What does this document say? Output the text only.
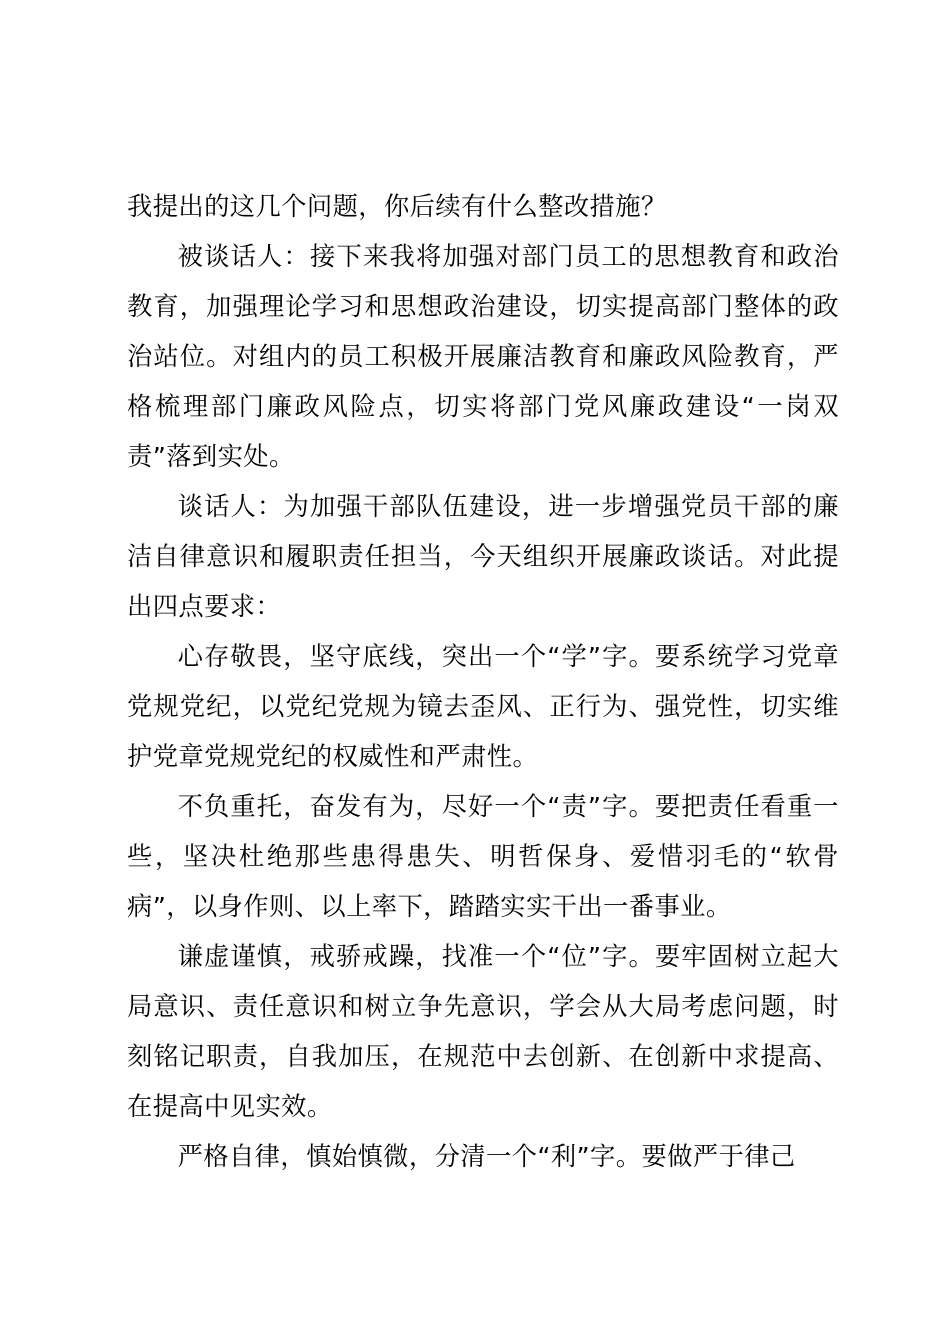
我提出的这几个问题，你后续有什么整改措施？

被谈话人：接下来我将加强对部门员工的思想教育和政治教育，加强理论学习和思想政治建设，切实提高部门整体的政治站位。对组内的员工积极开展廉洁教育和廉政风险教育，严格梳理部门廉政风险点，切实将部门党风廉政建设“一岗双责”落到实处。

谈话人：为加强干部队伍建设，进一步增强党员干部的廉洁自律意识和履职责任担当，今天组织开展廉政谈话。对此提出四点要求：

心存敬畏，坚守底线，突出一个“学”字。要系统学习党章党规党纪，以党纪党规为镜去歪风、正行为、强党性，切实维护党章党规党纪的权威性和严肃性。

不负重托，奋发有为，尽好一个“责”字。要把责任看重一些，坚决杜绝那些患得患失、明哲保身、爱惜羽毛的“软骨病”，以身作则、以上率下，踏踏实实干出一番事业。

谦虚谨慎，戒骄戒躁，找准一个“位”字。要牢固树立起大局意识、责任意识和树立争先意识，学会从大局考虑问题，时刻铭记职责，自我加压，在规范中去创新、在创新中求提高、在提高中见实效。

严格自律，慎始慎微，分清一个“利”字。要做严于律己
